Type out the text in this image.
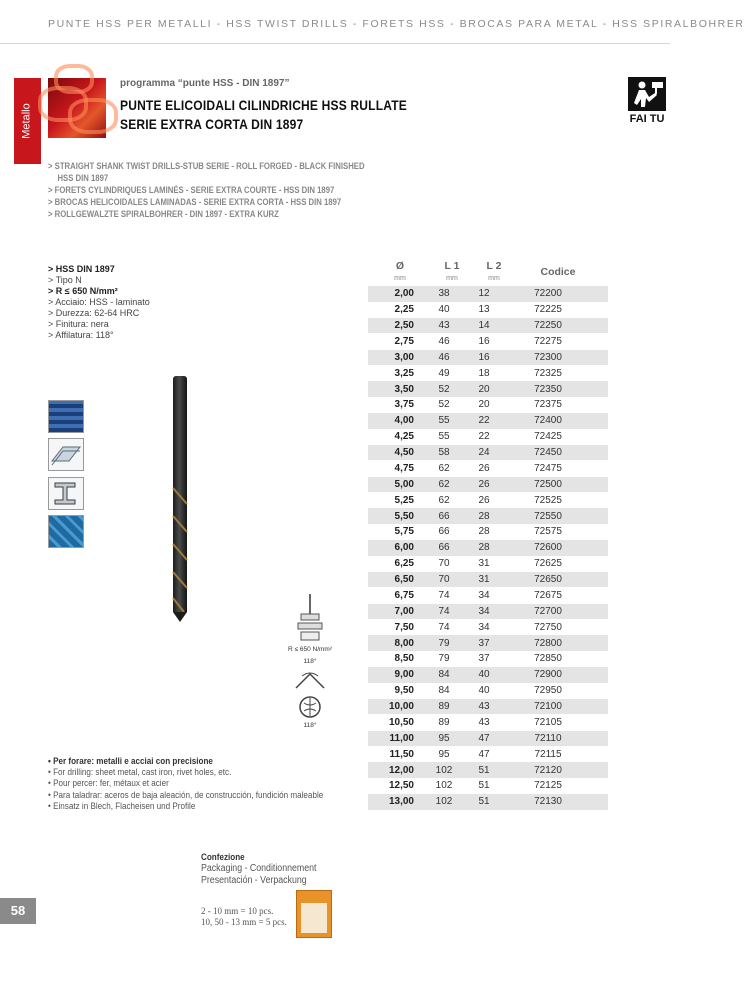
PUNTE HSS PER METALLI - HSS TWIST DRILLS - FORETS HSS - BROCAS PARA METAL - HSS SPIRALBOHRER
Metallo
programma “punte HSS - DIN 1897”
PUNTE ELICOIDALI CILINDRICHE HSS RULLATE
SERIE EXTRA CORTA DIN 1897	FAI TU
> STRAIGHT SHANK TWIST DRILLS-STUB SERIE - ROLL FORGED - BLACK FINISHED
HSS DIN 1897
> FORETS CYLINDRIQUES LAMINÉS - SERIE EXTRA COURTE - HSS DIN 1897
> BROCAS HELICOIDALES LAMINADAS - SERIE EXTRA CORTA - HSS DIN 1897
> ROLLGEWALZTE SPIRALBOHRER - DIN 1897 - EXTRA KURZ
> HSS DIN 1897
> Tipo N
> R ≤ 650 N/mm²
> Acciaio: HSS - laminato
> Durezza: 62-64 HRC
> Finitura: nera
> Affilatura: 118°
R ≤ 650 N/mm²
118°
118°
Ø
mm
L 1
mm
L 2
mm
Codice
2,00	38	12	72200
2,25	40	13	72225
2,50	43	14	72250
2,75	46	16	72275
3,00	46	16	72300
3,25	49	18	72325
3,50	52	20	72350
3,75	52	20	72375
4,00	55	22	72400
4,25	55	22	72425
4,50	58	24	72450
4,75	62	26	72475
5,00	62	26	72500
5,25	62	26	72525
5,50	66	28	72550
5,75	66	28	72575
6,00	66	28	72600
6,25	70	31	72625
6,50	70	31	72650
6,75	74	34	72675
7,00	74	34	72700
7,50	74	34	72750
8,00	79	37	72800
8,50	79	37	72850
9,00	84	40	72900
9,50	84	40	72950
10,00	89	43	72100
10,50	89	43	72105
11,00	95	47	72110
11,50	95	47	72115
12,00	102	51	72120
12,50	102	51	72125
13,00	102	51	72130
• Per forare: metalli e acciai con precisione
• For drilling: sheet metal, cast iron, rivet holes, etc.
• Pour percer: fer, métaux et acier
• Para taladrar: aceros de baja aleación, de construcción, fundición maleable
• Einsatz in Blech, Flacheisen und Profile
Confezione
Packaging - Conditionnement
Presentación - Verpackung
2 - 10 mm = 10 pcs.
10, 50 - 13 mm = 5 pcs.
58
